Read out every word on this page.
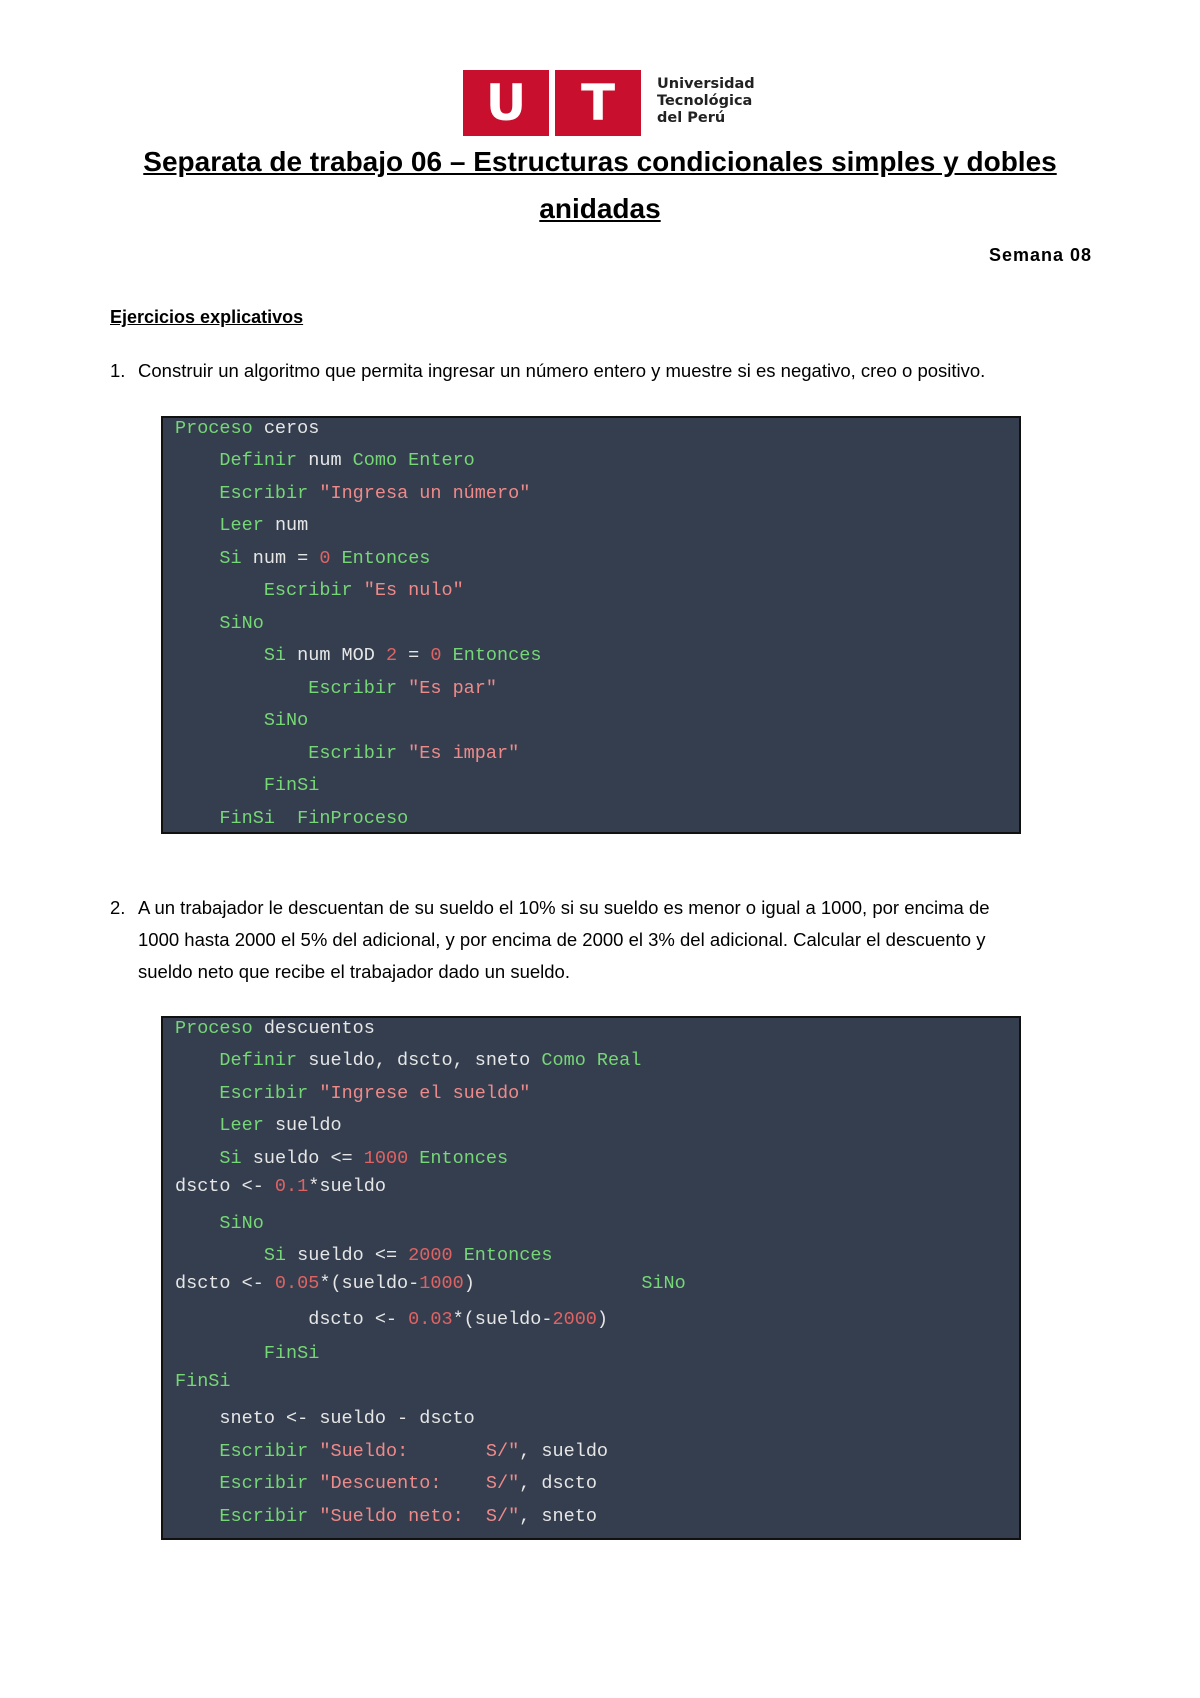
U	T	Universidad
Tecnológica
del Perú
Separata de trabajo 06 – Estructuras condicionales simples y dobles
anidadas
Semana 08
Ejercicios explicativos
1. Construir un algoritmo que permita ingresar un número entero y muestre si es negativo, creo o positivo.
Proceso ceros
Definir num Como Entero
Escribir "Ingresa un número"
Leer num
Si num = 0 Entonces
Escribir "Es nulo"
SiNo
Si num MOD 2 = 0 Entonces
Escribir "Es par"
SiNo
Escribir "Es impar"
FinSi
FinSi FinProceso
2. A un trabajador le descuentan de su sueldo el 10% si su sueldo es menor o igual a 1000, por encima de
1000 hasta 2000 el 5% del adicional, y por encima de 2000 el 3% del adicional. Calcular el descuento y
sueldo neto que recibe el trabajador dado un sueldo.
Proceso descuentos
Definir sueldo, dscto, sneto Como Real
Escribir "Ingrese el sueldo"
Leer sueldo
Si sueldo <= 1000 Entonces
dscto <- 0.1*sueldo
SiNo
Si sueldo <= 2000 Entonces
dscto <- 0.05*(sueldo-1000)               SiNo
dscto <- 0.03*(sueldo-2000)
FinSi
FinSi
sneto <- sueldo - dscto
Escribir "Sueldo:       S/", sueldo
Escribir "Descuento:    S/", dscto
Escribir "Sueldo neto:  S/", sneto
